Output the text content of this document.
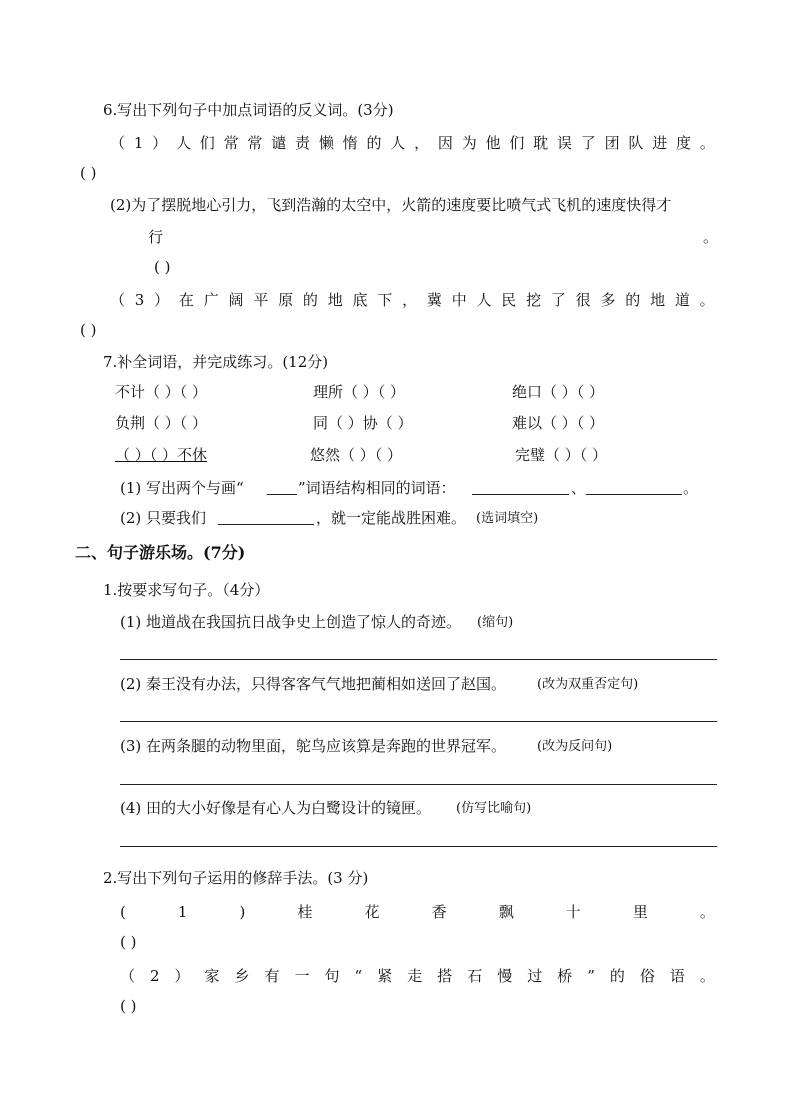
6.写出下列句子中加点词语的反义词。(3分)
（ 1 ） 人 们 常 常 谴 责 懒 惰 的 人 ， 因 为 他 们 耽 误 了 团 队 进 度 。
( )
(2)为了摆脱地心引力，飞到浩瀚的太空中，火箭的速度要比喷气式飞机的速度快得才
行	。
( )
（ 3 ） 在 广 阔 平 原 的 地 底 下 ， 冀 中 人 民 挖 了 很 多 的 地 道 。
( )
7.补全词语，并完成练习。(12分)
不计（ ）（ ）	理所（ ）（ ）	绝口（ ）（ ）
负荆（ ）（ ）	同（ ）协（ ）	难以（ ）（ ）
（ ）（ ）不休	悠然（ ）（ ）	完璧（ ）（ ）
(1) 写出两个与画“	”词语结构相同的词语：	、	。
(2) 只要我们	，就一定能战胜困难。 (选词填空)
二、句子游乐场。(7分)
1.按要求写句子。（4分）
(1) 地道战在我国抗日战争史上创造了惊人的奇迹。 (缩句)
(2) 秦王没有办法，只得客客气气地把蔺相如送回了赵国。 (改为双重否定句)
(3) 在两条腿的动物里面，鸵鸟应该算是奔跑的世界冠军。 (改为反问句)
(4) 田的大小好像是有心人为白鹭设计的镜匣。 (仿写比喻句)
2.写出下列句子运用的修辞手法。(3 分)
(	1	)	桂	花	香	飘	十	里	。
( )
（ 2 ） 家 乡 有 一 句 “ 紧 走 搭 石 慢 过 桥 ” 的 俗 语 。
( )
